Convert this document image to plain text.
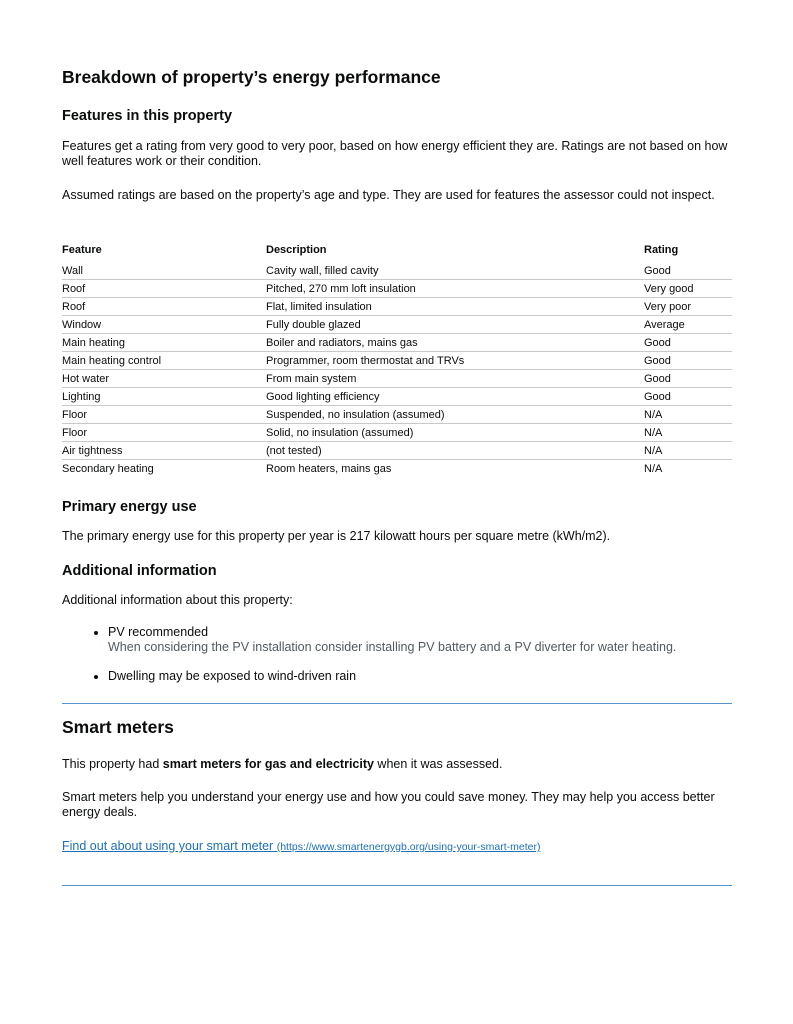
Breakdown of property’s energy performance
Features in this property

Features get a rating from very good to very poor, based on how energy efficient they are. Ratings are not based on how well features work or their condition.

Assumed ratings are based on the property’s age and type. They are used for features the assessor could not inspect.

Feature	Description	Rating
Wall	Cavity wall, filled cavity	Good
Roof	Pitched, 270 mm loft insulation	Very good
Roof	Flat, limited insulation	Very poor
Window	Fully double glazed	Average
Main heating	Boiler and radiators, mains gas	Good
Main heating control	Programmer, room thermostat and TRVs	Good
Hot water	From main system	Good
Lighting	Good lighting efficiency	Good
Floor	Suspended, no insulation (assumed)	N/A
Floor	Solid, no insulation (assumed)	N/A
Air tightness	(not tested)	N/A
Secondary heating	Room heaters, mains gas	N/A
Primary energy use

The primary energy use for this property per year is 217 kilowatt hours per square metre (kWh/m2).

Additional information

Additional information about this property:

• PV recommended
When considering the PV installation consider installing PV battery and a PV diverter for water heating.
• Dwelling may be exposed to wind-driven rain
Smart meters

This property had smart meters for gas and electricity when it was assessed.

Smart meters help you understand your energy use and how you could save money. They may help you access better energy deals.

Find out about using your smart meter (https://www.smartenergygb.org/using-your-smart-meter)
